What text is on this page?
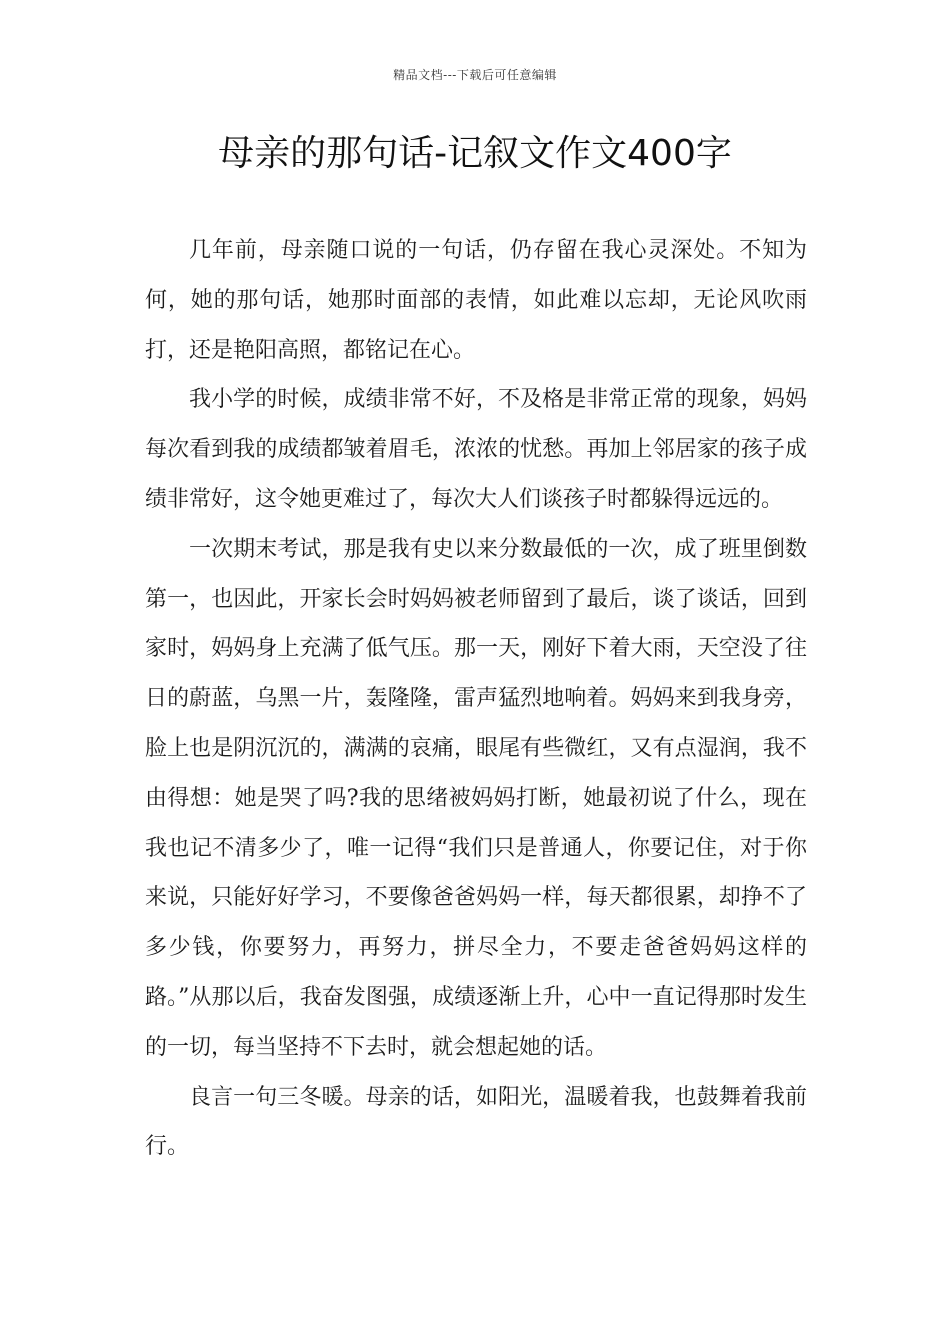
精品文档---下载后可任意编辑
母亲的那句话-记叙文作文400字

几年前，母亲随口说的一句话，仍存留在我心灵深处。不知为何，她的那句话，她那时面部的表情，如此难以忘却，无论风吹雨打，还是艳阳高照，都铭记在心。

我小学的时候，成绩非常不好，不及格是非常正常的现象，妈妈每次看到我的成绩都皱着眉毛，浓浓的忧愁。再加上邻居家的孩子成绩非常好，这令她更难过了，每次大人们谈孩子时都躲得远远的。

一次期末考试，那是我有史以来分数最低的一次，成了班里倒数第一，也因此，开家长会时妈妈被老师留到了最后，谈了谈话，回到家时，妈妈身上充满了低气压。那一天，刚好下着大雨，天空没了往日的蔚蓝，乌黑一片，轰隆隆，雷声猛烈地响着。妈妈来到我身旁，脸上也是阴沉沉的，满满的哀痛，眼尾有些微红，又有点湿润，我不由得想：她是哭了吗?我的思绪被妈妈打断，她最初说了什么，现在我也记不清多少了，唯一记得“我们只是普通人，你要记住，对于你来说，只能好好学习，不要像爸爸妈妈一样，每天都很累，却挣不了多少钱，你要努力，再努力，拼尽全力，不要走爸爸妈妈这样的路。”从那以后，我奋发图强，成绩逐渐上升，心中一直记得那时发生的一切，每当坚持不下去时，就会想起她的话。

良言一句三冬暖。母亲的话，如阳光，温暖着我，也鼓舞着我前行。
